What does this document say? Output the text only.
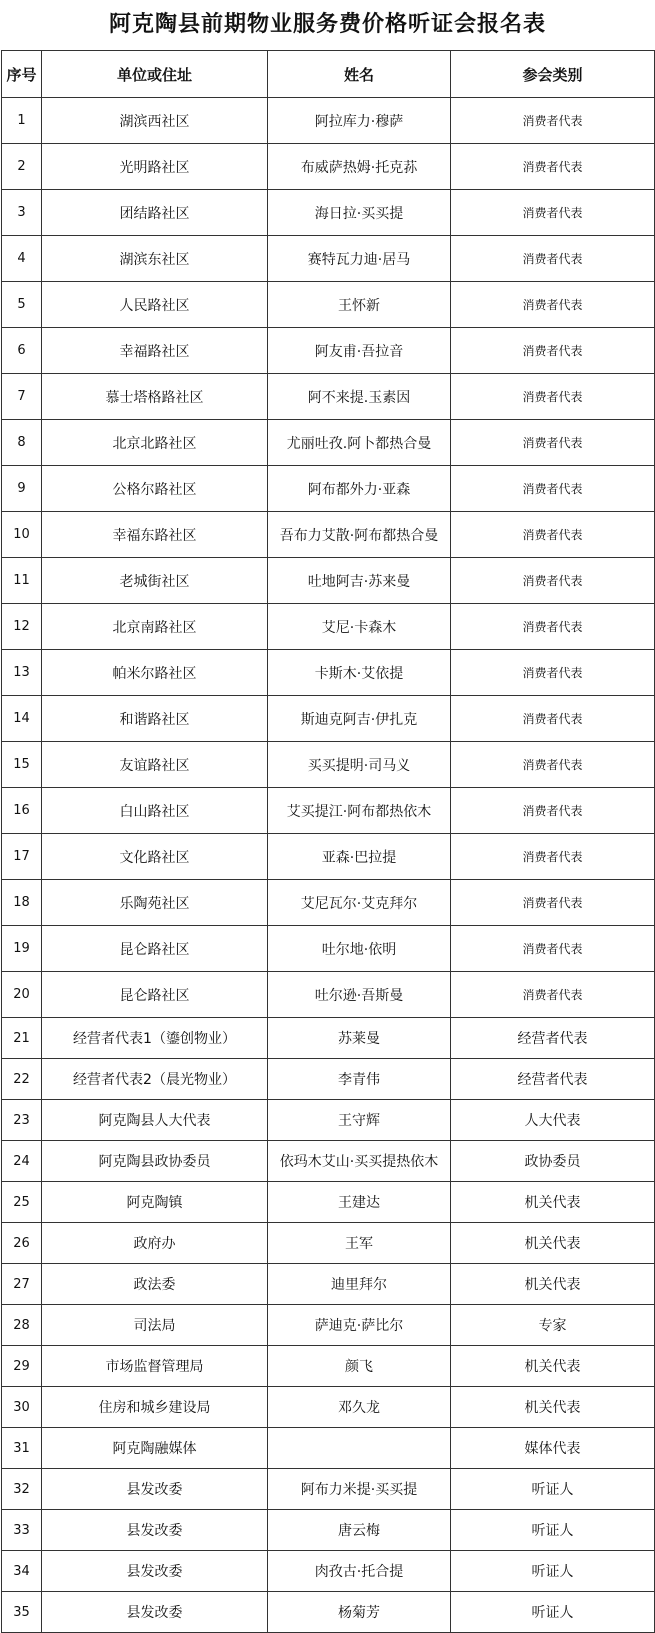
阿克陶县前期物业服务费价格听证会报名表
序号	单位或住址	姓名	参会类别
1	湖滨西社区	阿拉库力·穆萨	消费者代表
2	光明路社区	布威萨热姆·托克荪	消费者代表
3	团结路社区	海日拉·买买提	消费者代表
4	湖滨东社区	赛特瓦力迪·居马	消费者代表
5	人民路社区	王怀新	消费者代表
6	幸福路社区	阿友甫·吾拉音	消费者代表
7	慕士塔格路社区	阿不来提.玉素因	消费者代表
8	北京北路社区	尤丽吐孜.阿卜都热合曼	消费者代表
9	公格尔路社区	阿布都外力·亚森	消费者代表
10	幸福东路社区	吾布力艾散·阿布都热合曼	消费者代表
11	老城街社区	吐地阿吉·苏来曼	消费者代表
12	北京南路社区	艾尼·卡森木	消费者代表
13	帕米尔路社区	卡斯木·艾依提	消费者代表
14	和谐路社区	斯迪克阿吉·伊扎克	消费者代表
15	友谊路社区	买买提明·司马义	消费者代表
16	白山路社区	艾买提江·阿布都热依木	消费者代表
17	文化路社区	亚森·巴拉提	消费者代表
18	乐陶苑社区	艾尼瓦尔·艾克拜尔	消费者代表
19	昆仑路社区	吐尔地·依明	消费者代表
20	昆仑路社区	吐尔逊·吾斯曼	消费者代表
21	经营者代表1（鎏创物业）	苏莱曼	经营者代表
22	经营者代表2（晨光物业）	李青伟	经营者代表
23	阿克陶县人大代表	王守辉	人大代表
24	阿克陶县政协委员	依玛木艾山·买买提热依木	政协委员
25	阿克陶镇	王建达	机关代表
26	政府办	王军	机关代表
27	政法委	迪里拜尔	机关代表
28	司法局	萨迪克·萨比尔	专家
29	市场监督管理局	颜飞	机关代表
30	住房和城乡建设局	邓久龙	机关代表
31	阿克陶融媒体		媒体代表
32	县发改委	阿布力米提·买买提	听证人
33	县发改委	唐云梅	听证人
34	县发改委	肉孜古·托合提	听证人
35	县发改委	杨菊芳	听证人
